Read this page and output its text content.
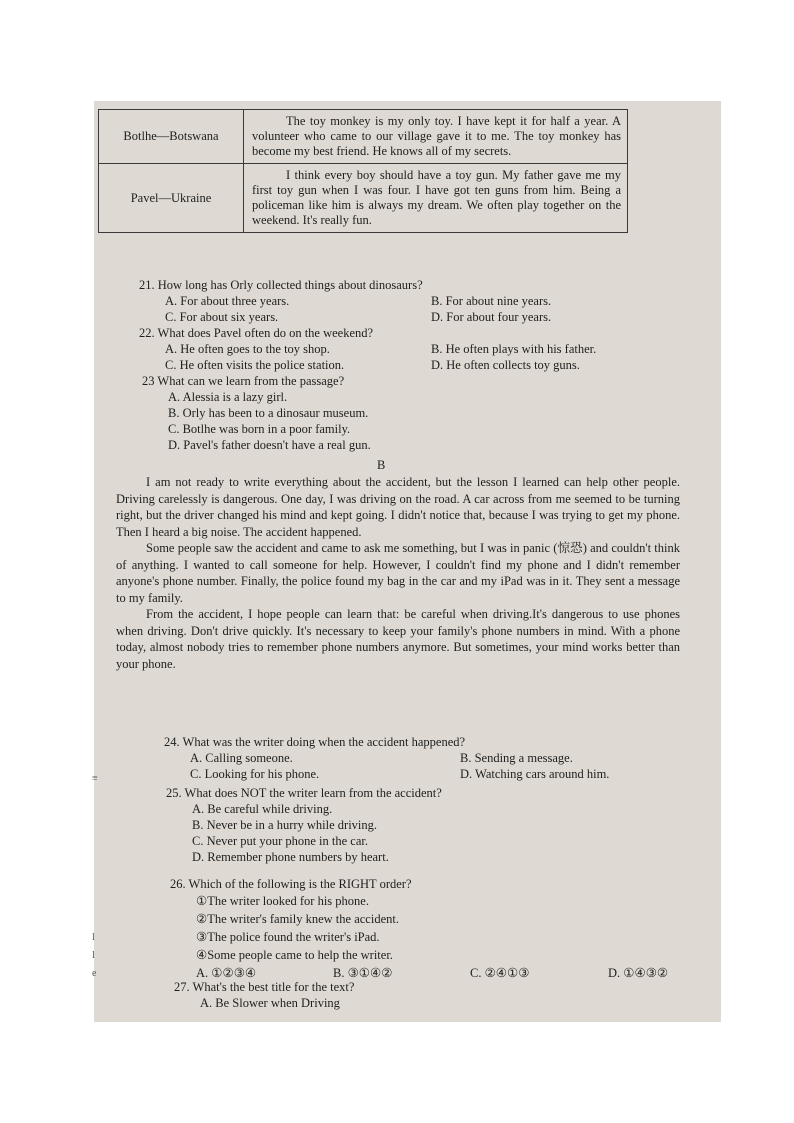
Botlhe—Botswana	The toy monkey is my only toy. I have kept it for half a year. A volunteer who came to our village gave it to me. The toy monkey has become my best friend. He knows all of my secrets.
Pavel—Ukraine	I think every boy should have a toy gun. My father gave me my first toy gun when I was four. I have got ten guns from him. Being a policeman like him is always my dream. We often play together on the weekend. It's really fun.

21. How long has Orly collected things about dinosaurs?

A. For about three years.	B. For about nine years.
C. For about six years.	D. For about four years.

22. What does Pavel often do on the weekend?

A. He often goes to the toy shop.	B. He often plays with his father.
C. He often visits the police station.	D. He often collects toy guns.

23 What can we learn from the passage?

A. Alessia is a lazy girl.

B. Orly has been to a dinosaur museum.

C. Botlhe was born in a poor family.

D. Pavel's father doesn't have a real gun.

B

I am not ready to write everything about the accident, but the lesson I learned can help other people. Driving carelessly is dangerous. One day, I was driving on the road. A car across from me seemed to be turning right, but the driver changed his mind and kept going. I didn't notice that, because I was trying to get my phone. Then I heard a big noise. The accident happened.

Some people saw the accident and came to ask me something, but I was in panic (惊恐) and couldn't think of anything. I wanted to call someone for help. However, I couldn't find my phone and I didn't remember anyone's phone number. Finally, the police found my bag in the car and my iPad was in it. They sent a message to my family.

From the accident, I hope people can learn that: be careful when driving.It's dangerous to use phones when driving. Don't drive quickly. It's necessary to keep your family's phone numbers in mind. With a phone today, almost nobody tries to remember phone numbers anymore. But sometimes, your mind works better than your phone.

24. What was the writer doing when the accident happened?

A. Calling someone.	B. Sending a message.
C. Looking for his phone.	D. Watching cars around him.

25. What does NOT the writer learn from the accident?

A. Be careful while driving.

B. Never be in a hurry while driving.

C. Never put your phone in the car.

D. Remember phone numbers by heart.

26. Which of the following is the RIGHT order?

①The writer looked for his phone.

②The writer's family knew the accident.

③The police found the writer's iPad.

④Some people came to help the writer.

A. ①②③④	B. ③①④②	C. ②④①③	D. ①④③②

27. What's the best title for the text?

A. Be Slower when Driving

≡
l
l
e
